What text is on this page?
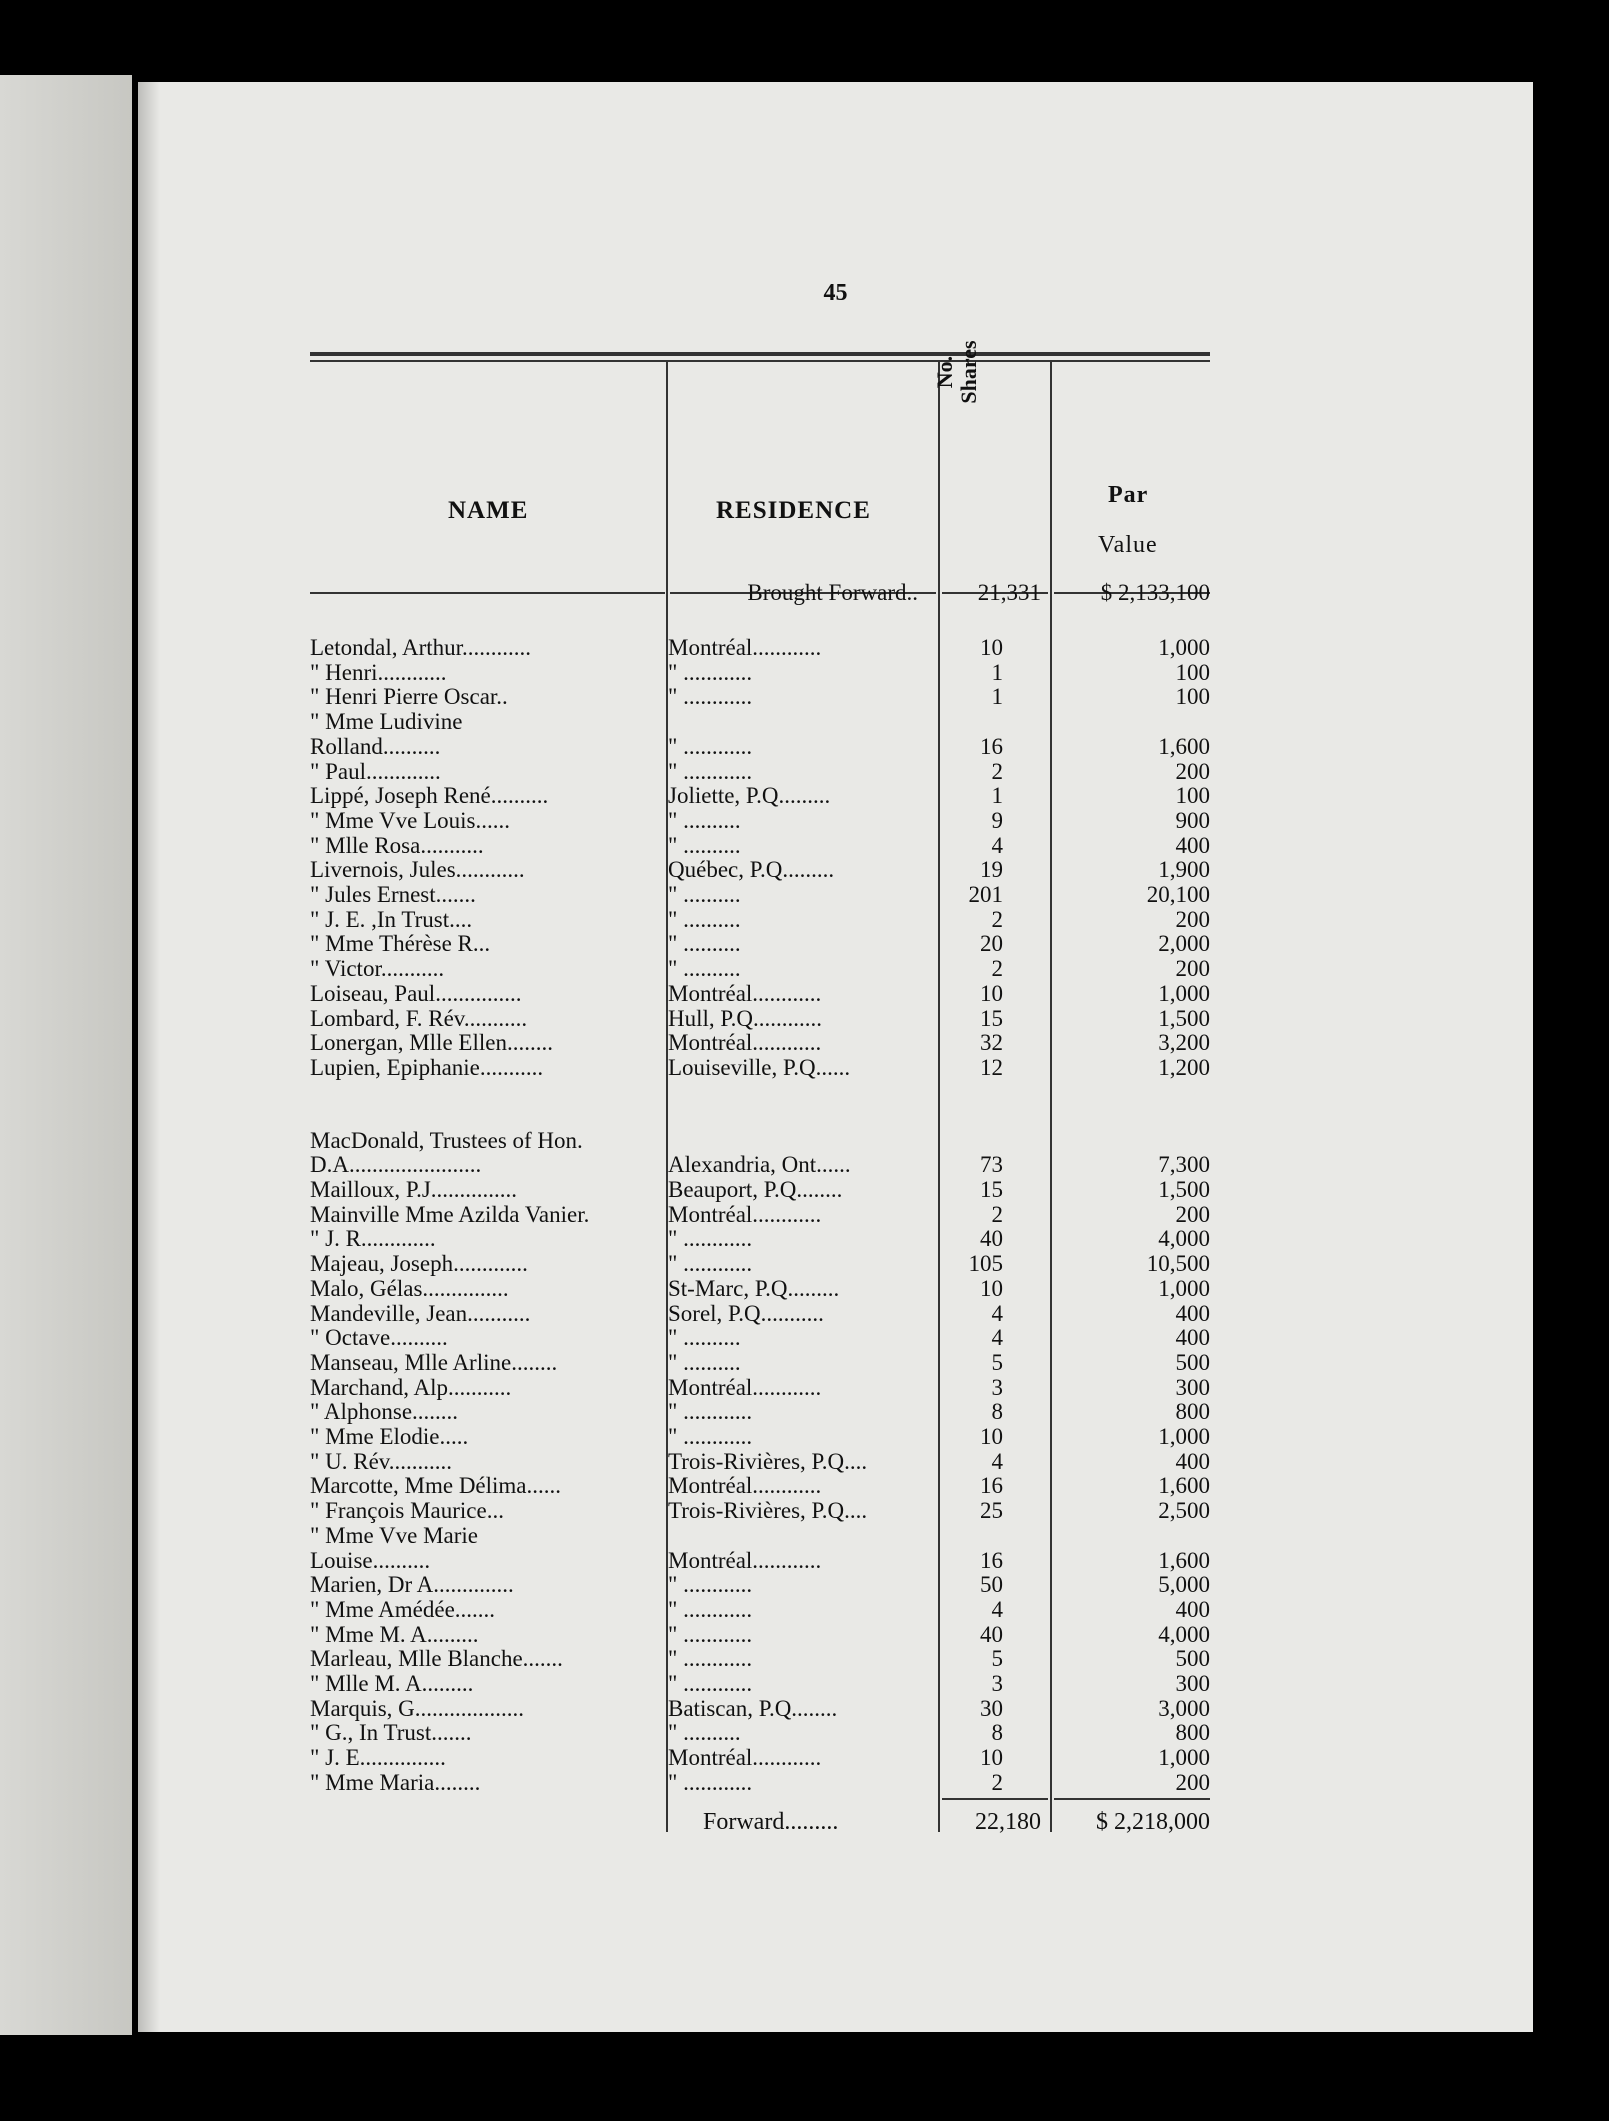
45
NAME	RESIDENCE
No. Shares
Par
Value
Brought Forward..	21,331	$ 2,133,100
Letondal, Arthur............	Montréal............	10	1,000
" Henri............	" ............	1	100
" Henri Pierre Oscar..	" ............	1	100
" Mme Ludivine
Rolland..........	" ............	16	1,600
" Paul.............	" ............	2	200
Lippé, Joseph René..........	Joliette, P.Q.........	1	100
" Mme Vve Louis......	" ..........	9	900
" Mlle Rosa...........	" ..........	4	400
Livernois, Jules............	Québec, P.Q.........	19	1,900
" Jules Ernest.......	" ..........	201	20,100
" J. E. ,In Trust....	" ..........	2	200
" Mme Thérèse R...	" ..........	20	2,000
" Victor...........	" ..........	2	200
Loiseau, Paul...............	Montréal............	10	1,000
Lombard, F. Rév...........	Hull, P.Q............	15	1,500
Lonergan, Mlle Ellen........	Montréal............	32	3,200
Lupien, Epiphanie...........	Louiseville, P.Q......	12	1,200
MacDonald, Trustees of Hon.
D.A.......................	Alexandria, Ont......	73	7,300
Mailloux, P.J...............	Beauport, P.Q........	15	1,500
Mainville Mme Azilda Vanier.	Montréal............	2	200
" J. R.............	" ............	40	4,000
Majeau, Joseph.............	" ............	105	10,500
Malo, Gélas...............	St-Marc, P.Q.........	10	1,000
Mandeville, Jean...........	Sorel, P.Q...........	4	400
" Octave..........	" ..........	4	400
Manseau, Mlle Arline........	" ..........	5	500
Marchand, Alp...........	Montréal............	3	300
" Alphonse........	" ............	8	800
" Mme Elodie.....	" ............	10	1,000
" U. Rév...........	Trois-Rivières, P.Q....	4	400
Marcotte, Mme Délima......	Montréal............	16	1,600
" François Maurice...	Trois-Rivières, P.Q....	25	2,500
" Mme Vve Marie
Louise..........	Montréal............	16	1,600
Marien, Dr A..............	" ............	50	5,000
" Mme Amédée.......	" ............	4	400
" Mme M. A.........	" ............	40	4,000
Marleau, Mlle Blanche.......	" ............	5	500
" Mlle M. A.........	" ............	3	300
Marquis, G...................	Batiscan, P.Q........	30	3,000
" G., In Trust.......	" ..........	8	800
" J. E...............	Montréal............	10	1,000
" Mme Maria........	" ............	2	200
Forward.........	22,180	$ 2,218,000
